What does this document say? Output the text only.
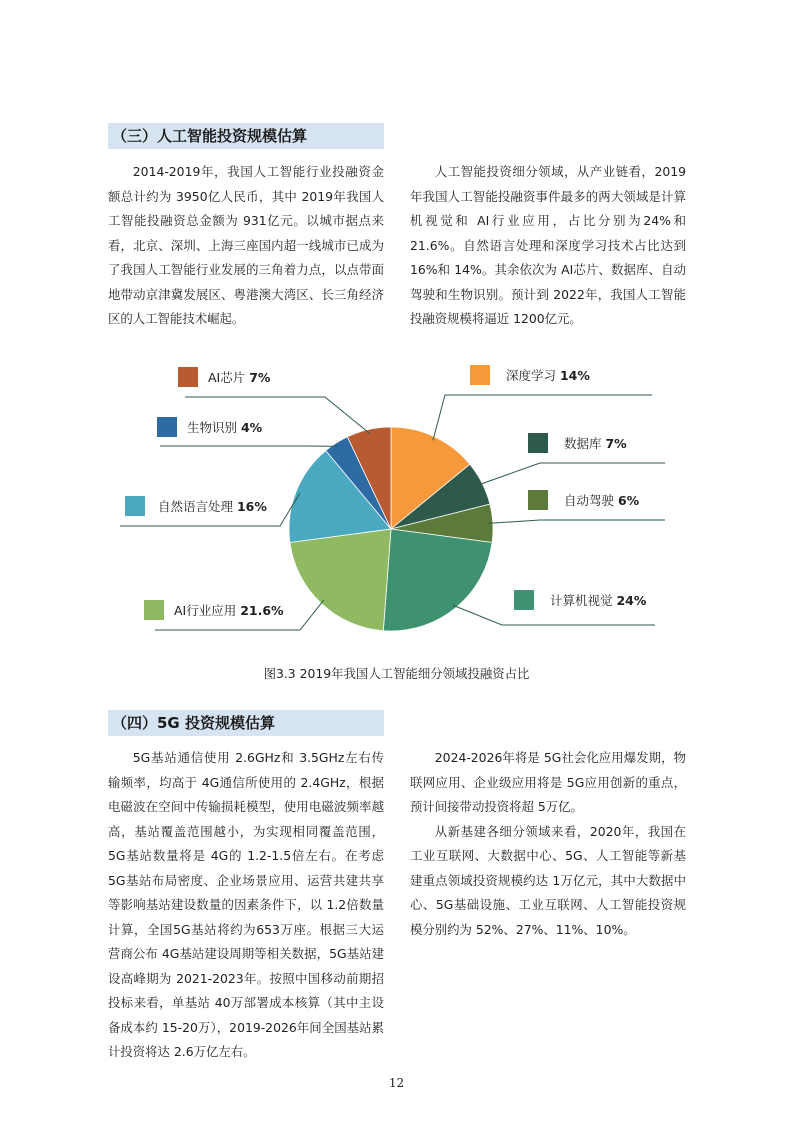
（三）人工智能投资规模估算

2014-2019年，我国人工智能行业投融资金额总计约为 3950亿人民币，其中 2019年我国人工智能投融资总金额为 931亿元。以城市据点来看，北京、深圳、上海三座国内超一线城市已成为了我国人工智能行业发展的三角着力点，以点带面地带动京津冀发展区、粤港澳大湾区、长三角经济区的人工智能技术崛起。

人工智能投资细分领域，从产业链看，2019年我国人工智能投融资事件最多的两大领域是计算机视觉和 AI行业应用，占比分别为24%和 21.6%。自然语言处理和深度学习技术占比达到 16%和 14%。其余依次为 AI芯片、数据库、自动驾驶和生物识别。预计到 2022年，我国人工智能投融资规模将逼近 1200亿元。

深度学习 14%
数据库 7%
自动驾驶 6%
计算机视觉 24%
AI行业应用 21.6%
自然语言处理 16%
生物识别 4%
AI芯片 7%
图3.3 2019年我国人工智能细分领域投融资占比
（四）5G 投资规模估算

5G基站通信使用 2.6GHz和 3.5GHz左右传输频率，均高于 4G通信所使用的 2.4GHz，根据电磁波在空间中传输损耗模型，使用电磁波频率越高，基站覆盖范围越小，为实现相同覆盖范围，5G基站数量将是 4G的 1.2-1.5倍左右。在考虑 5G基站布局密度、企业场景应用、运营共建共享等影响基站建设数量的因素条件下，以 1.2倍数量计算，全国5G基站将约为653万座。根据三大运营商公布 4G基站建设周期等相关数据，5G基站建设高峰期为 2021-2023年。按照中国移动前期招投标来看，单基站 40万部署成本核算（其中主设备成本约 15-20万），2019-2026年间全国基站累计投资将达 2.6万亿左右。

2024-2026年将是 5G社会化应用爆发期，物联网应用、企业级应用将是 5G应用创新的重点，预计间接带动投资将超 5万亿。

从新基建各细分领域来看，2020年，我国在工业互联网、大数据中心、5G、人工智能等新基建重点领域投资规模约达 1万亿元，其中大数据中心、5G基础设施、工业互联网、人工智能投资规模分别约为 52%、27%、11%、10%。

12
